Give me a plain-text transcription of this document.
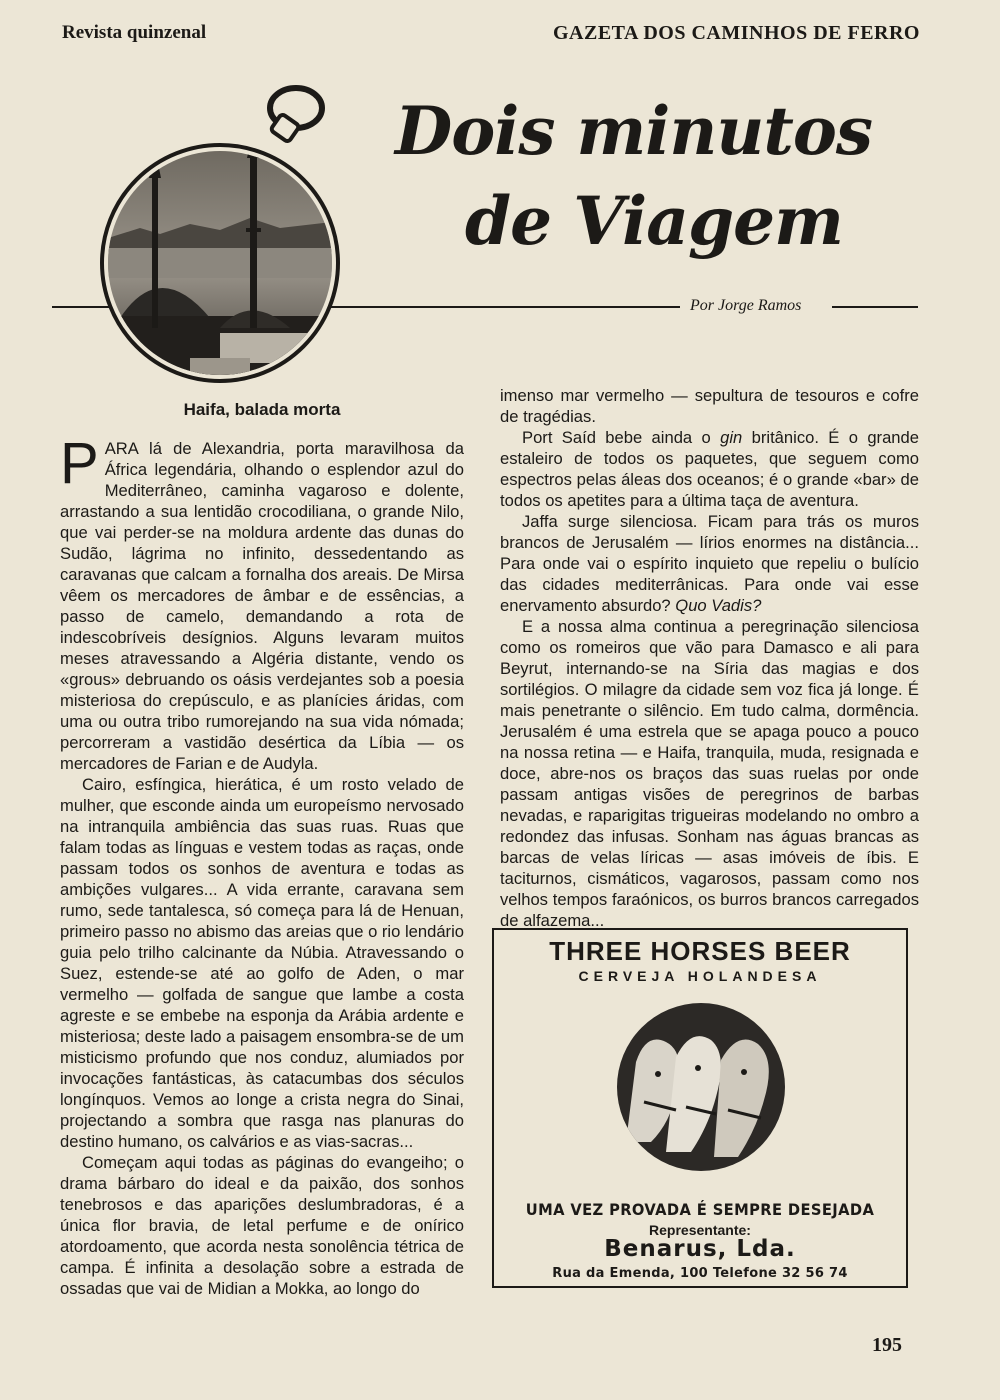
Revista quinzenal	GAZETA DOS CAMINHOS DE FERRO
Dois minutos
de Viagem
Por Jorge Ramos
Haifa, balada morta

PARA lá de Alexandria, porta maravilhosa da África legendária, olhando o esplendor azul do Mediterrâneo, caminha vagaroso e dolente, arrastando a sua lentidão crocodiliana, o grande Nilo, que vai perder-se na moldura ardente das dunas do Sudão, lágrima no infinito, dessedentando as caravanas que calcam a fornalha dos areais. De Mirsa vêem os mercadores de âmbar e de essências, a passo de camelo, demandando a rota de indescobríveis desígnios. Alguns levaram muitos meses atravessando a Algéria distante, vendo os «grous» debruando os oásis verdejantes sob a poesia misteriosa do crepúsculo, e as planícies áridas, com uma ou outra tribo rumorejando na sua vida nómada; percorreram a vastidão desértica da Líbia — os mercadores de Farian e de Audyla.

Cairo, esfíngica, hierática, é um rosto velado de mulher, que esconde ainda um europeísmo nervosado na intranquila ambiência das suas ruas. Ruas que falam todas as línguas e vestem todas as raças, onde passam todos os sonhos de aventura e todas as ambições vulgares... A vida errante, caravana sem rumo, sede tantalesca, só começa para lá de Henuan, primeiro passo no abismo das areias que o rio lendário guia pelo trilho calcinante da Núbia. Atravessando o Suez, estende-se até ao golfo de Aden, o mar vermelho — golfada de sangue que lambe a costa agreste e se embebe na esponja da Arábia ardente e misteriosa; deste lado a paisagem ensombra-se de um misticismo profundo que nos conduz, alumiados por invocações fantásticas, às catacumbas dos séculos longínquos. Vemos ao longe a crista negra do Sinai, projectando a sombra que rasga nas planuras do destino humano, os calvários e as vias-sacras...

Começam aqui todas as páginas do evangeiho; o drama bárbaro do ideal e da paixão, dos sonhos tenebrosos e das aparições deslumbradoras, é a única flor bravia, de letal perfume e de onírico atordoamento, que acorda nesta sonolência tétrica de campa. É infinita a desolação sobre a estrada de ossadas que vai de Midian a Mokka, ao longo do

imenso mar vermelho — sepultura de tesouros e cofre de tragédias.

Port Saíd bebe ainda o gin britânico. É o grande estaleiro de todos os paquetes, que seguem como espectros pelas áleas dos oceanos; é o grande «bar» de todos os apetites para a última taça de aventura.

Jaffa surge silenciosa. Ficam para trás os muros brancos de Jerusalém — lírios enormes na distância... Para onde vai o espírito inquieto que repeliu o bulício das cidades mediterrânicas. Para onde vai esse enervamento absurdo? Quo Vadis?

E a nossa alma continua a peregrinação silenciosa como os romeiros que vão para Damasco e ali para Beyrut, internando-se na Síria das magias e dos sortilégios. O milagre da cidade sem voz fica já longe. É mais penetrante o silêncio. Em tudo calma, dormência. Jerusalém é uma estrela que se apaga pouco a pouco na nossa retina — e Haifa, tranquila, muda, resignada e doce, abre-nos os braços das suas ruelas por onde passam antigas visões de peregrinos de barbas nevadas, e raparigitas trigueiras modelando no ombro a redondez das infusas. Sonham nas águas brancas as barcas de velas líricas — asas imóveis de íbis. E taciturnos, cismáticos, vagarosos, passam como nos velhos tempos faraónicos, os burros brancos carregados de alfazema...

THREE HORSES BEER
CERVEJA HOLANDESA
UMA VEZ PROVADA É SEMPRE DESEJADA
Representante:
Benarus, Lda.
Rua da Emenda, 100 Telefone 32 56 74
195
